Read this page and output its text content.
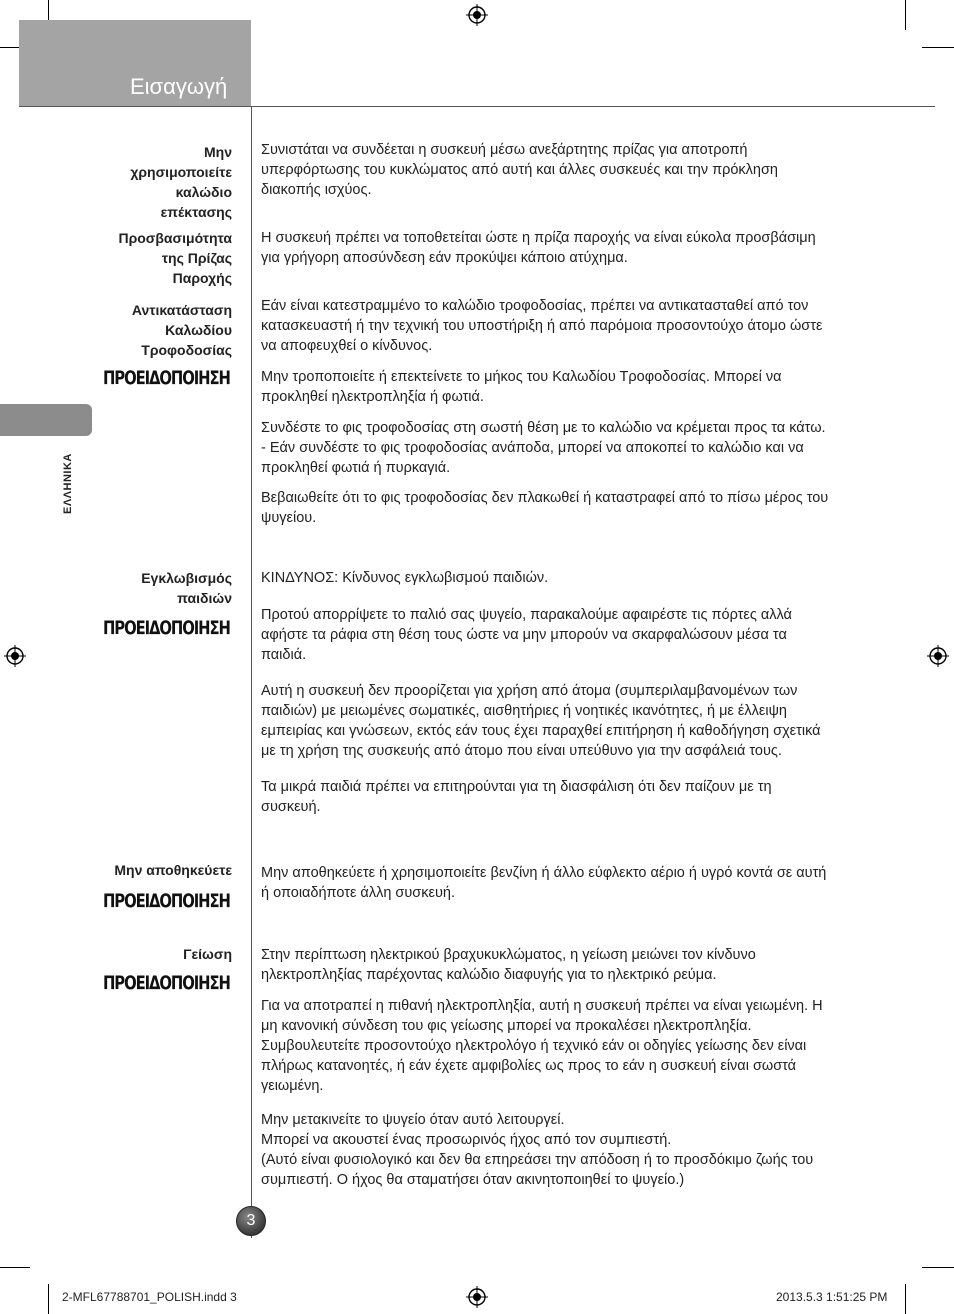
Εισαγωγή
ΕΛΛΗΝΙΚΑ
Μην
χρησιμοποιείτε
καλώδιο
επέκτασης

Συνιστάται να συνδέεται η συσκευή μέσω ανεξάρτητης πρίζας για αποτροπή
υπερφόρτωσης του κυκλώματος από αυτή και άλλες συσκευές και την πρόκληση
διακοπής ισχύος.

Προσβασιμότητα
της Πρίζας
Παροχής

Η συσκευή πρέπει να τοποθετείται ώστε η πρίζα παροχής να είναι εύκολα προσβάσιμη
για γρήγορη αποσύνδεση εάν προκύψει κάποιο ατύχημα.

Αντικατάσταση
Καλωδίου
Τροφοδοσίας
ΠΡΟΕΙΔΟΠΟΙΗΣΗ

Εάν είναι κατεστραμμένο το καλώδιο τροφοδοσίας, πρέπει να αντικατασταθεί από τον
κατασκευαστή ή την τεχνική του υποστήριξη ή από παρόμοια προσοντούχο άτομο ώστε
να αποφευχθεί ο κίνδυνος.

Μην τροποποιείτε ή επεκτείνετε το μήκος του Καλωδίου Τροφοδοσίας. Μπορεί να
προκληθεί ηλεκτροπληξία ή φωτιά.

Συνδέστε το φις τροφοδοσίας στη σωστή θέση με το καλώδιο να κρέμεται προς τα κάτω.
- Εάν συνδέστε το φις τροφοδοσίας ανάποδα, μπορεί να αποκοπεί το καλώδιο και να
προκληθεί φωτιά ή πυρκαγιά.

Βεβαιωθείτε ότι το φις τροφοδοσίας δεν πλακωθεί ή καταστραφεί από το πίσω μέρος του
ψυγείου.

Εγκλωβισμός
παιδιών
ΠΡΟΕΙΔΟΠΟΙΗΣΗ

ΚΙΝΔΥΝΟΣ: Κίνδυνος εγκλωβισμού παιδιών.

Προτού απορρίψετε το παλιό σας ψυγείο, παρακαλούμε αφαιρέστε τις πόρτες αλλά
αφήστε τα ράφια στη θέση τους ώστε να μην μπορούν να σκαρφαλώσουν μέσα τα
παιδιά.

Αυτή η συσκευή δεν προορίζεται για χρήση από άτομα (συμπεριλαμβανομένων των
παιδιών) με μειωμένες σωματικές, αισθητήριες ή νοητικές ικανότητες, ή με έλλειψη
εμπειρίας και γνώσεων, εκτός εάν τους έχει παραχθεί επιτήρηση ή καθοδήγηση σχετικά
με τη χρήση της συσκευής από άτομο που είναι υπεύθυνο για την ασφάλειά τους.

Τα μικρά παιδιά πρέπει να επιτηρούνται για τη διασφάλιση ότι δεν παίζουν με τη
συσκευή.

Μην αποθηκεύετε
ΠΡΟΕΙΔΟΠΟΙΗΣΗ

Μην αποθηκεύετε ή χρησιμοποιείτε βενζίνη ή άλλο εύφλεκτο αέριο ή υγρό κοντά σε αυτή
ή οποιαδήποτε άλλη συσκευή.

Γείωση
ΠΡΟΕΙΔΟΠΟΙΗΣΗ

Στην περίπτωση ηλεκτρικού βραχυκυκλώματος, η γείωση μειώνει τον κίνδυνο
ηλεκτροπληξίας παρέχοντας καλώδιο διαφυγής για το ηλεκτρικό ρεύμα.

Για να αποτραπεί η πιθανή ηλεκτροπληξία, αυτή η συσκευή πρέπει να είναι γειωμένη. Η
μη κανονική σύνδεση του φις γείωσης μπορεί να προκαλέσει ηλεκτροπληξία.
Συμβουλευτείτε προσοντούχο ηλεκτρολόγο ή τεχνικό εάν οι οδηγίες γείωσης δεν είναι
πλήρως κατανοητές, ή εάν έχετε αμφιβολίες ως προς το εάν η συσκευή είναι σωστά
γειωμένη.

Μην μετακινείτε το ψυγείο όταν αυτό λειτουργεί.
Μπορεί να ακουστεί ένας προσωρινός ήχος από τον συμπιεστή.
(Αυτό είναι φυσιολογικό και δεν θα επηρεάσει την απόδοση ή το προσδόκιμο ζωής του
συμπιεστή. Ο ήχος θα σταματήσει όταν ακινητοποιηθεί το ψυγείο.)

3
2-MFL67788701_POLISH.indd 3	2013.5.3 1:51:25 PM
